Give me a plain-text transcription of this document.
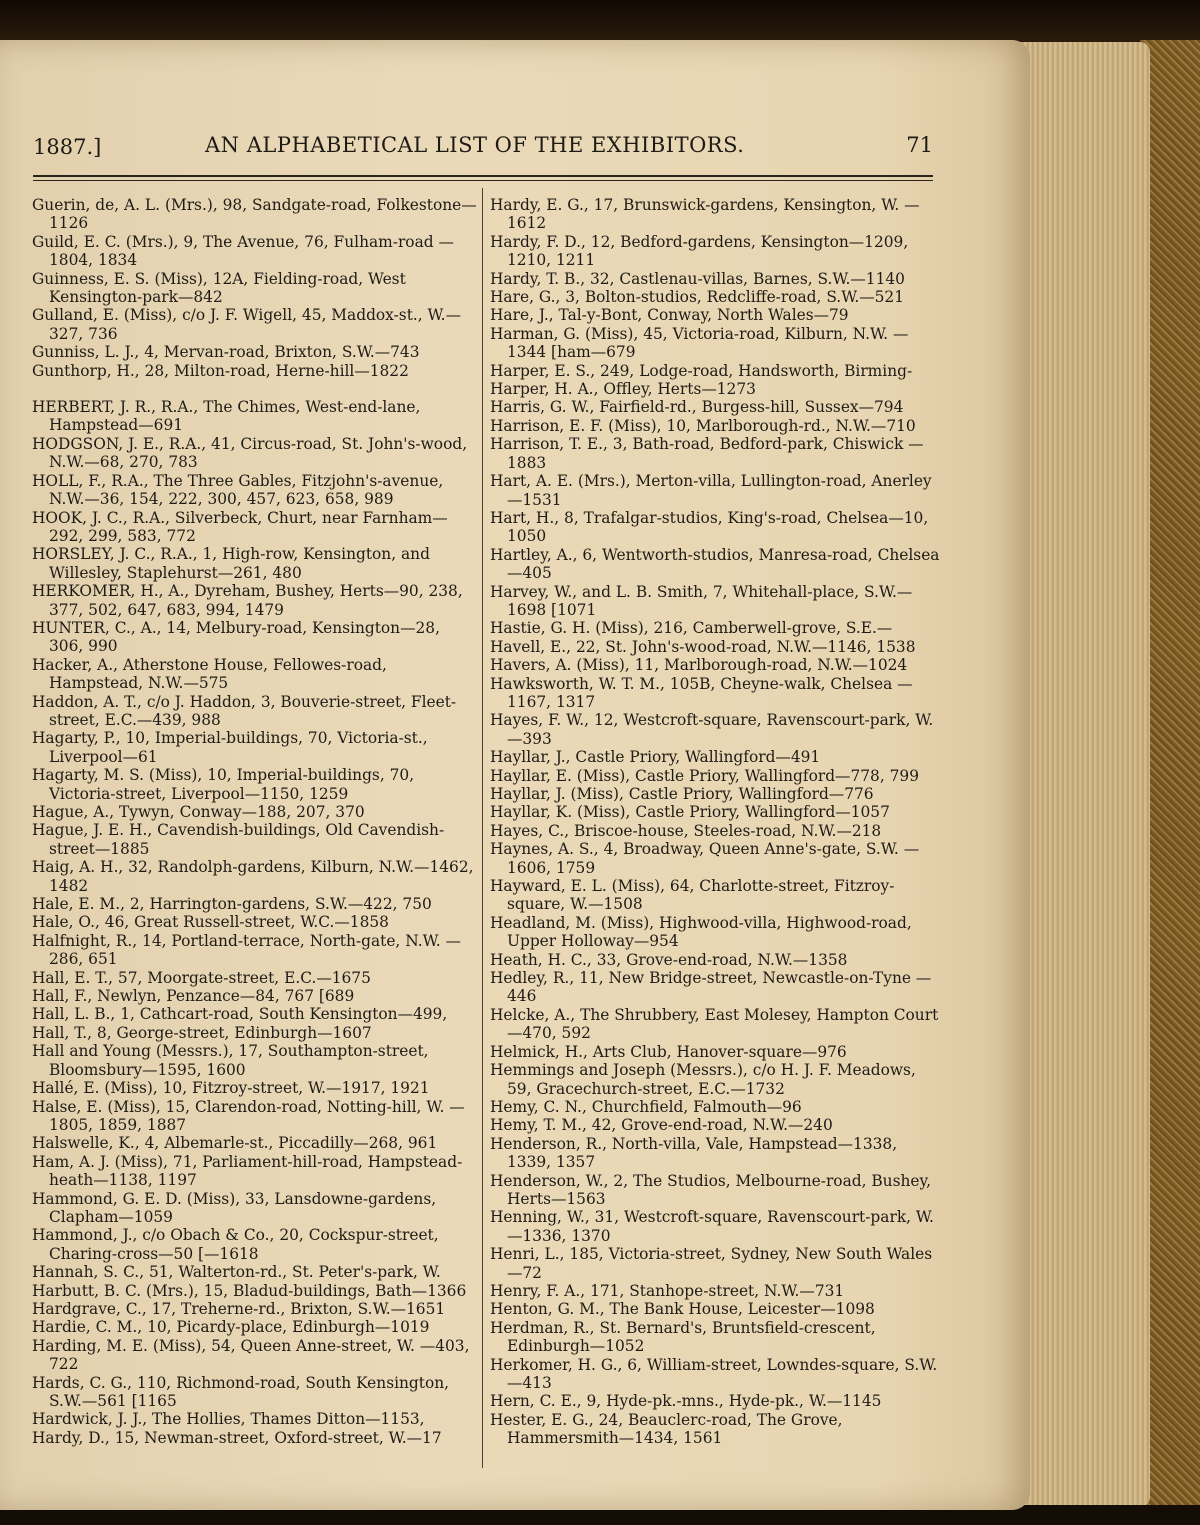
1887.]	AN ALPHABETICAL LIST OF THE EXHIBITORS.	71

Guerin, de, A. L. (Mrs.), 98, Sandgate-road, Folkestone—1126

Guild, E. C. (Mrs.), 9, The Avenue, 76, Fulham-road —1804, 1834

Guinness, E. S. (Miss), 12A, Fielding-road, West Kensington-park—842

Gulland, E. (Miss), c/o J. F. Wigell, 45, Maddox-st., W.—327, 736

Gunniss, L. J., 4, Mervan-road, Brixton, S.W.—743

Gunthorp, H., 28, Milton-road, Herne-hill—1822

HERBERT, J. R., R.A., The Chimes, West-end-lane, Hampstead—691

HODGSON, J. E., R.A., 41, Circus-road, St. John's-wood, N.W.—68, 270, 783

HOLL, F., R.A., The Three Gables, Fitzjohn's-avenue, N.W.—36, 154, 222, 300, 457, 623, 658, 989

HOOK, J. C., R.A., Silverbeck, Churt, near Farnham—292, 299, 583, 772

HORSLEY, J. C., R.A., 1, High-row, Kensington, and Willesley, Staplehurst—261, 480

HERKOMER, H., A., Dyreham, Bushey, Herts—90, 238, 377, 502, 647, 683, 994, 1479

HUNTER, C., A., 14, Melbury-road, Kensington—28, 306, 990

Hacker, A., Atherstone House, Fellowes-road, Hampstead, N.W.—575

Haddon, A. T., c/o J. Haddon, 3, Bouverie-street, Fleet-street, E.C.—439, 988

Hagarty, P., 10, Imperial-buildings, 70, Victoria-st., Liverpool—61

Hagarty, M. S. (Miss), 10, Imperial-buildings, 70, Victoria-street, Liverpool—1150, 1259

Hague, A., Tywyn, Conway—188, 207, 370

Hague, J. E. H., Cavendish-buildings, Old Cavendish-street—1885

Haig, A. H., 32, Randolph-gardens, Kilburn, N.W.—1462, 1482

Hale, E. M., 2, Harrington-gardens, S.W.—422, 750

Hale, O., 46, Great Russell-street, W.C.—1858

Halfnight, R., 14, Portland-terrace, North-gate, N.W. —286, 651

Hall, E. T., 57, Moorgate-street, E.C.—1675

Hall, F., Newlyn, Penzance—84, 767 [689

Hall, L. B., 1, Cathcart-road, South Kensington—499,

Hall, T., 8, George-street, Edinburgh—1607

Hall and Young (Messrs.), 17, Southampton-street, Bloomsbury—1595, 1600

Hallé, E. (Miss), 10, Fitzroy-street, W.—1917, 1921

Halse, E. (Miss), 15, Clarendon-road, Notting-hill, W. —1805, 1859, 1887

Halswelle, K., 4, Albemarle-st., Piccadilly—268, 961

Ham, A. J. (Miss), 71, Parliament-hill-road, Hampstead-heath—1138, 1197

Hammond, G. E. D. (Miss), 33, Lansdowne-gardens, Clapham—1059

Hammond, J., c/o Obach & Co., 20, Cockspur-street, Charing-cross—50 [—1618

Hannah, S. C., 51, Walterton-rd., St. Peter's-park, W.

Harbutt, B. C. (Mrs.), 15, Bladud-buildings, Bath—1366

Hardgrave, C., 17, Treherne-rd., Brixton, S.W.—1651

Hardie, C. M., 10, Picardy-place, Edinburgh—1019

Harding, M. E. (Miss), 54, Queen Anne-street, W. —403, 722

Hards, C. G., 110, Richmond-road, South Kensington, S.W.—561 [1165

Hardwick, J. J., The Hollies, Thames Ditton—1153,

Hardy, D., 15, Newman-street, Oxford-street, W.—17

Hardy, E. G., 17, Brunswick-gardens, Kensington, W. —1612

Hardy, F. D., 12, Bedford-gardens, Kensington—1209, 1210, 1211

Hardy, T. B., 32, Castlenau-villas, Barnes, S.W.—1140

Hare, G., 3, Bolton-studios, Redcliffe-road, S.W.—521

Hare, J., Tal-y-Bont, Conway, North Wales—79

Harman, G. (Miss), 45, Victoria-road, Kilburn, N.W. —1344 [ham—679

Harper, E. S., 249, Lodge-road, Handsworth, Birming-

Harper, H. A., Offley, Herts—1273

Harris, G. W., Fairfield-rd., Burgess-hill, Sussex—794

Harrison, E. F. (Miss), 10, Marlborough-rd., N.W.—710

Harrison, T. E., 3, Bath-road, Bedford-park, Chiswick —1883

Hart, A. E. (Mrs.), Merton-villa, Lullington-road, Anerley—1531

Hart, H., 8, Trafalgar-studios, King's-road, Chelsea—10, 1050

Hartley, A., 6, Wentworth-studios, Manresa-road, Chelsea—405

Harvey, W., and L. B. Smith, 7, Whitehall-place, S.W.—1698 [1071

Hastie, G. H. (Miss), 216, Camberwell-grove, S.E.—

Havell, E., 22, St. John's-wood-road, N.W.—1146, 1538

Havers, A. (Miss), 11, Marlborough-road, N.W.—1024

Hawksworth, W. T. M., 105B, Cheyne-walk, Chelsea —1167, 1317

Hayes, F. W., 12, Westcroft-square, Ravenscourt-park, W.—393

Hayllar, J., Castle Priory, Wallingford—491

Hayllar, E. (Miss), Castle Priory, Wallingford—778, 799

Hayllar, J. (Miss), Castle Priory, Wallingford—776

Hayllar, K. (Miss), Castle Priory, Wallingford—1057

Hayes, C., Briscoe-house, Steeles-road, N.W.—218

Haynes, A. S., 4, Broadway, Queen Anne's-gate, S.W. —1606, 1759

Hayward, E. L. (Miss), 64, Charlotte-street, Fitzroy-square, W.—1508

Headland, M. (Miss), Highwood-villa, Highwood-road, Upper Holloway—954

Heath, H. C., 33, Grove-end-road, N.W.—1358

Hedley, R., 11, New Bridge-street, Newcastle-on-Tyne —446

Helcke, A., The Shrubbery, East Molesey, Hampton Court—470, 592

Helmick, H., Arts Club, Hanover-square—976

Hemmings and Joseph (Messrs.), c/o H. J. F. Meadows, 59, Gracechurch-street, E.C.—1732

Hemy, C. N., Churchfield, Falmouth—96

Hemy, T. M., 42, Grove-end-road, N.W.—240

Henderson, R., North-villa, Vale, Hampstead—1338, 1339, 1357

Henderson, W., 2, The Studios, Melbourne-road, Bushey, Herts—1563

Henning, W., 31, Westcroft-square, Ravenscourt-park, W.—1336, 1370

Henri, L., 185, Victoria-street, Sydney, New South Wales—72

Henry, F. A., 171, Stanhope-street, N.W.—731

Henton, G. M., The Bank House, Leicester—1098

Herdman, R., St. Bernard's, Bruntsfield-crescent, Edinburgh—1052

Herkomer, H. G., 6, William-street, Lowndes-square, S.W.—413

Hern, C. E., 9, Hyde-pk.-mns., Hyde-pk., W.—1145

Hester, E. G., 24, Beauclerc-road, The Grove, Hammersmith—1434, 1561
